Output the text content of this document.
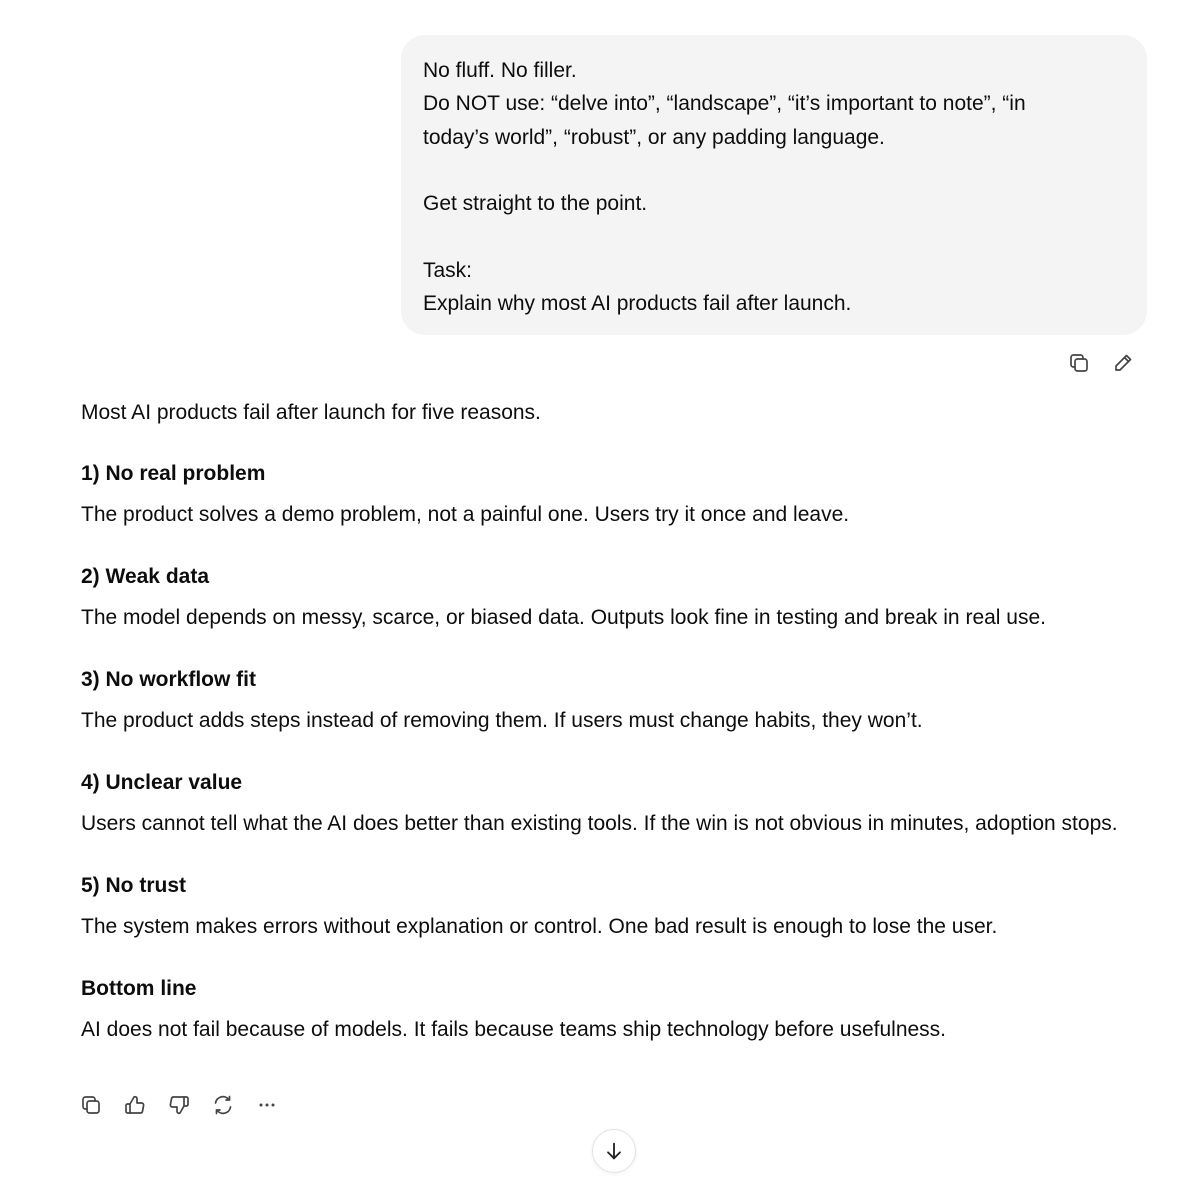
No fluff. No filler.
Do NOT use: “delve into”, “landscape”, “it’s important to note”, “in
today’s world”, “robust”, or any padding language.
Get straight to the point.
Task:
Explain why most AI products fail after launch.

Most AI products fail after launch for five reasons.

1) No real problem

The product solves a demo problem, not a painful one. Users try it once and leave.

2) Weak data

The model depends on messy, scarce, or biased data. Outputs look fine in testing and break in real use.

3) No workflow fit

The product adds steps instead of removing them. If users must change habits, they won’t.

4) Unclear value

Users cannot tell what the AI does better than existing tools. If the win is not obvious in minutes, adoption stops.

5) No trust

The system makes errors without explanation or control. One bad result is enough to lose the user.

Bottom line

AI does not fail because of models. It fails because teams ship technology before usefulness.
